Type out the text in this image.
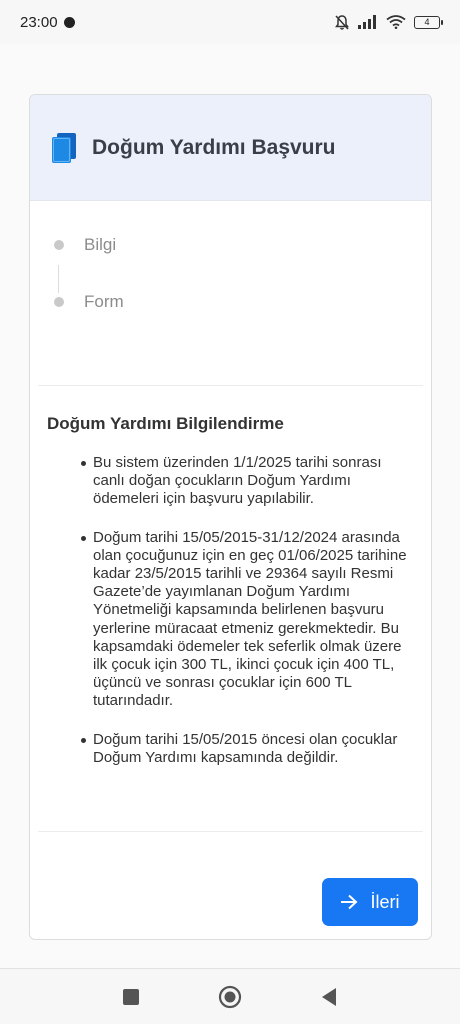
23:00	4
Doğum Yardımı Başvuru
Bilgi
Form
Doğum Yardımı Bilgilendirme
Bu sistem üzerinden 1/1/2025 tarihi sonrası canlı doğan çocukların Doğum Yardımı ödemeleri için başvuru yapılabilir.
Doğum tarihi 15/05/2015-31/12/2024 arasında olan çocuğunuz için en geç 01/06/2025 tarihine kadar 23/5/2015 tarihli ve 29364 sayılı Resmi Gazete’de yayımlanan Doğum Yardımı Yönetmeliği kapsamında belirlenen başvuru yerlerine müracaat etmeniz gerekmektedir. Bu kapsamdaki ödemeler tek seferlik olmak üzere ilk çocuk için 300 TL, ikinci çocuk için 400 TL, üçüncü ve sonrası çocuklar için 600 TL tutarındadır.
Doğum tarihi 15/05/2015 öncesi olan çocuklar Doğum Yardımı kapsamında değildir.
İleri
